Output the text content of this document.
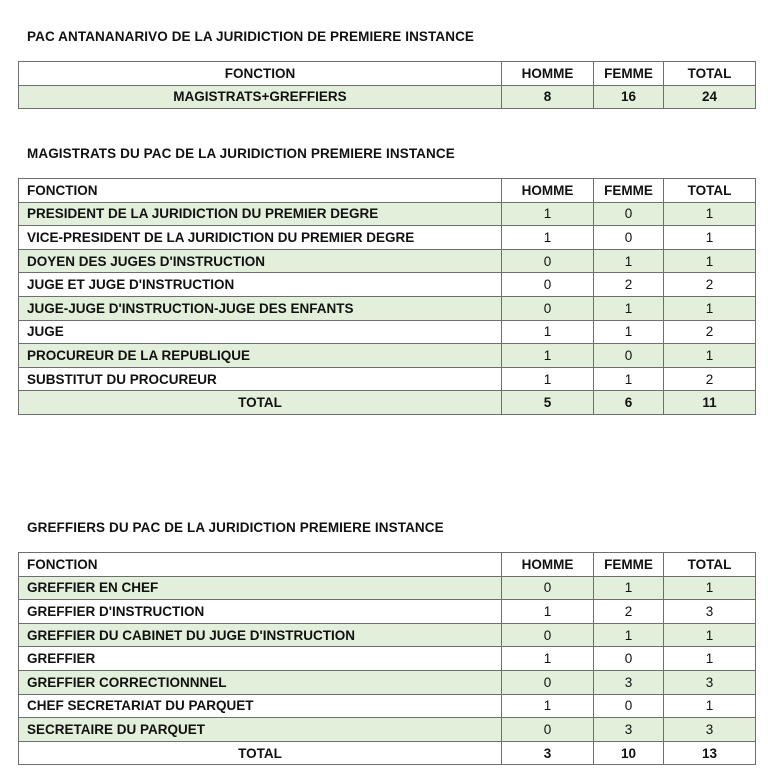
PAC ANTANANARIVO DE LA JURIDICTION DE PREMIERE INSTANCE
FONCTION	HOMME	FEMME	TOTAL
MAGISTRATS+GREFFIERS	8	16	24
MAGISTRATS DU PAC DE LA JURIDICTION PREMIERE INSTANCE
FONCTION	HOMME	FEMME	TOTAL
PRESIDENT DE LA JURIDICTION DU PREMIER DEGRE	1	0	1
VICE-PRESIDENT DE LA JURIDICTION DU PREMIER DEGRE	1	0	1
DOYEN DES JUGES D'INSTRUCTION	0	1	1
JUGE ET JUGE D'INSTRUCTION	0	2	2
JUGE-JUGE D'INSTRUCTION-JUGE DES ENFANTS	0	1	1
JUGE	1	1	2
PROCUREUR DE LA REPUBLIQUE	1	0	1
SUBSTITUT DU PROCUREUR	1	1	2
TOTAL	5	6	11
GREFFIERS DU PAC DE LA JURIDICTION PREMIERE INSTANCE
FONCTION	HOMME	FEMME	TOTAL
GREFFIER EN CHEF	0	1	1
GREFFIER D'INSTRUCTION	1	2	3
GREFFIER DU CABINET DU JUGE D'INSTRUCTION	0	1	1
GREFFIER	1	0	1
GREFFIER CORRECTIONNNEL	0	3	3
CHEF SECRETARIAT DU PARQUET	1	0	1
SECRETAIRE DU PARQUET	0	3	3
TOTAL	3	10	13
